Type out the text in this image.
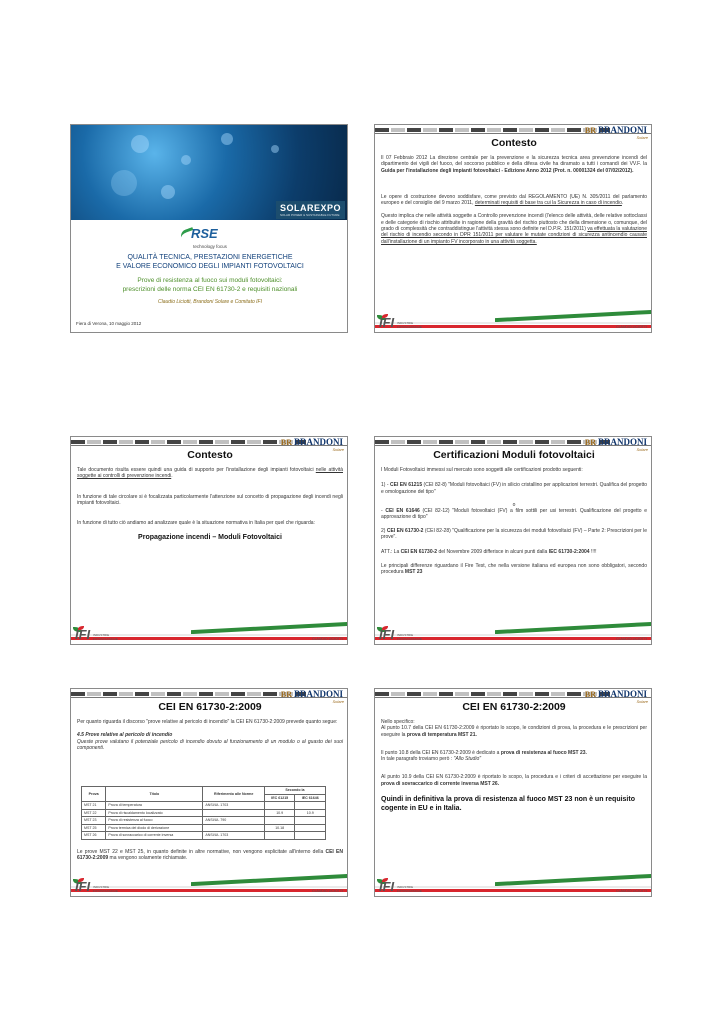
SOLAREXPO
SOLAR POWER & SUSTAINABLE FUTURE
RSE
technology focus
QUALITÀ TECNICA, PRESTAZIONI ENERGETICHE
E VALORE ECONOMICO DEGLI IMPIANTI FOTOVOLTAICI
Prove di resistenza al fuoco sui moduli fotovoltaici:
prescrizioni delle norma CEI EN 61730-2 e requisiti nazionali
Claudio Liciotti, Brandoni Solare e Comitato IFI
Fiera di Verona, 10 maggio 2012
BR BRANDONI
Solare
Contesto

Il 07 Febbraio 2012 La direzione centrale per la prevenzione e la sicurezza tecnica area prevenzione incendi del dipartimento dei vigili del fuoco, del soccorso pubblico e della difesa civile ha diramato a tutti i comandi dei VV.F. la Guida per l'installazione degli impianti fotovoltaici - Edizione Anno 2012 (Prot. n. 00001324 del 07/02/2012).

Le opere di costruzione devono soddisfare, come previsto dal REGOLAMENTO (UE) N. 305/2011 del parlamento europeo e del consiglio del 9 marzo 2011, determinati requisiti di base tra cui la Sicurezza in caso di incendio.

Questo implica che nelle attività soggette a Controllo prevenzione incendi (l'elenco delle attività, delle relative sottoclassi e delle categorie di rischio attribuite in ragione della gravità del rischio piuttosto che della dimensione o, comunque, del grado di complessità che contraddistingue l'attività stessa sono definite nel D.P.R. 151/2011) va effettuata la valutazione del rischio di incendio secondo in DPR 151/2011 per valutare le mutate condizioni di sicurezza antincendio causate dall'installazione di un impianto FV incorporato in una attività soggetta.

IFI INDUSTRIE FOTOVOLTAICHE	CLAUDIO LICIOTTI
BR BRANDONI
Solare
Contesto

Tale documento risulta essere quindi una guida di supporto per l'installazione degli impianti fotovoltaici nelle attività soggette ai controlli di prevenzione incendi.

In funzione di tale circolare si è focalizzata particolarmente l'attenzione sul concetto di propagazione degli incendi negli impianti fotovoltaici.

In funzione di tutto ciò andiamo ad analizzare quale è la situazione normativa in Italia per quel che riguarda:

Propagazione incendi – Moduli Fotovoltaici

IFI INDUSTRIE FOTOVOLTAICHE	CLAUDIO LICIOTTI
BR BRANDONI
Solare
Certificazioni Moduli fotovoltaici

I Moduli Fotovoltaici immessi sul mercato sono soggetti alle certificazioni prodotto seguenti:

1) - CEI EN 61215 (CEI 82-8) "Moduli fotovoltaici (FV) in silicio cristallino per applicazioni terrestri. Qualifica del progetto e omologazione del tipo"

o

- CEI EN 61646 (CEI 82-12) "Moduli fotovoltaici (FV) a film sottili per usi terrestri. Qualificazione del progetto e approvazione di tipo"

2) CEI EN 61730-2 (CEI 82-28) "Qualificazione per la sicurezza dei moduli fotovoltaici (FV) – Parte 2: Prescrizioni per le prove".

ATT.: La CEI EN 61730-2 del Novembre 2009 differisce in alcuni punti dalla IEC 61730-2:2004 !!!!

Le principali differenze riguardano il Fire Test, che nella versione italiana ed europea non sono obbligatori, secondo procedura MST 23

IFI INDUSTRIE FOTOVOLTAICHE	CLAUDIO LICIOTTI
BR BRANDONI
Solare
CEI EN 61730-2:2009

Per quanto riguarda il discorso "prove relative al pericolo di incendio" la CEI EN 61730-2:2009 prevede quanto segue:

4.5 Prove relative al pericolo di incendio

Queste prove valutano il potenziale pericolo di incendio dovuto al funzionamento di un modulo o al guasto dei suoi componenti.

Prova	Titolo	Riferimento alle Norme	Secondo la	
			IEC 61215	IEC 61646
MST 21	Prova di temperatura	ANSI/UL 1703		
MST 22	Prova di riscaldamento localizzato		10.9	10.9
MST 23	Prova di resistenza al fuoco	ANSI/UL 790		
MST 25	Prova termica del diodo di derivazione		10.18	
MST 26	Prova di sovraccarico di corrente inversa	ANSI/UL 1703		

Le prove MST 22 e MST 25, in quanto definite in altre normative, non vengono esplicitate all'interno della CEI EN 61730-2:2009 ma vengono solamente richiamate.

IFI INDUSTRIE FOTOVOLTAICHE	CLAUDIO LICIOTTI
BR BRANDONI
Solare
CEI EN 61730-2:2009

Nello specifico:

Al punto 10.7 della CEI EN 61730-2:2009 è riportato lo scopo, le condizioni di prova, la procedura e le prescrizioni per eseguire la prova di temperatura MST 21.

Il punto 10.8 della CEI EN 61730-2:2009 è dedicato a prova di resistenza al fuoco MST 23.

In tale paragrafo troviamo però : "Allo Studio"

Al punto 10.9 della CEI EN 61730-2:2009 è riportato lo scopo, la procedura e i criteri di accettazione per eseguire la prova di sovraccarico di corrente inversa MST 26.

Quindi in definitiva la prova di resistenza al fuoco MST 23 non è un requisito cogente in EU e in Italia.

IFI INDUSTRIE FOTOVOLTAICHE	CLAUDIO LICIOTTI
